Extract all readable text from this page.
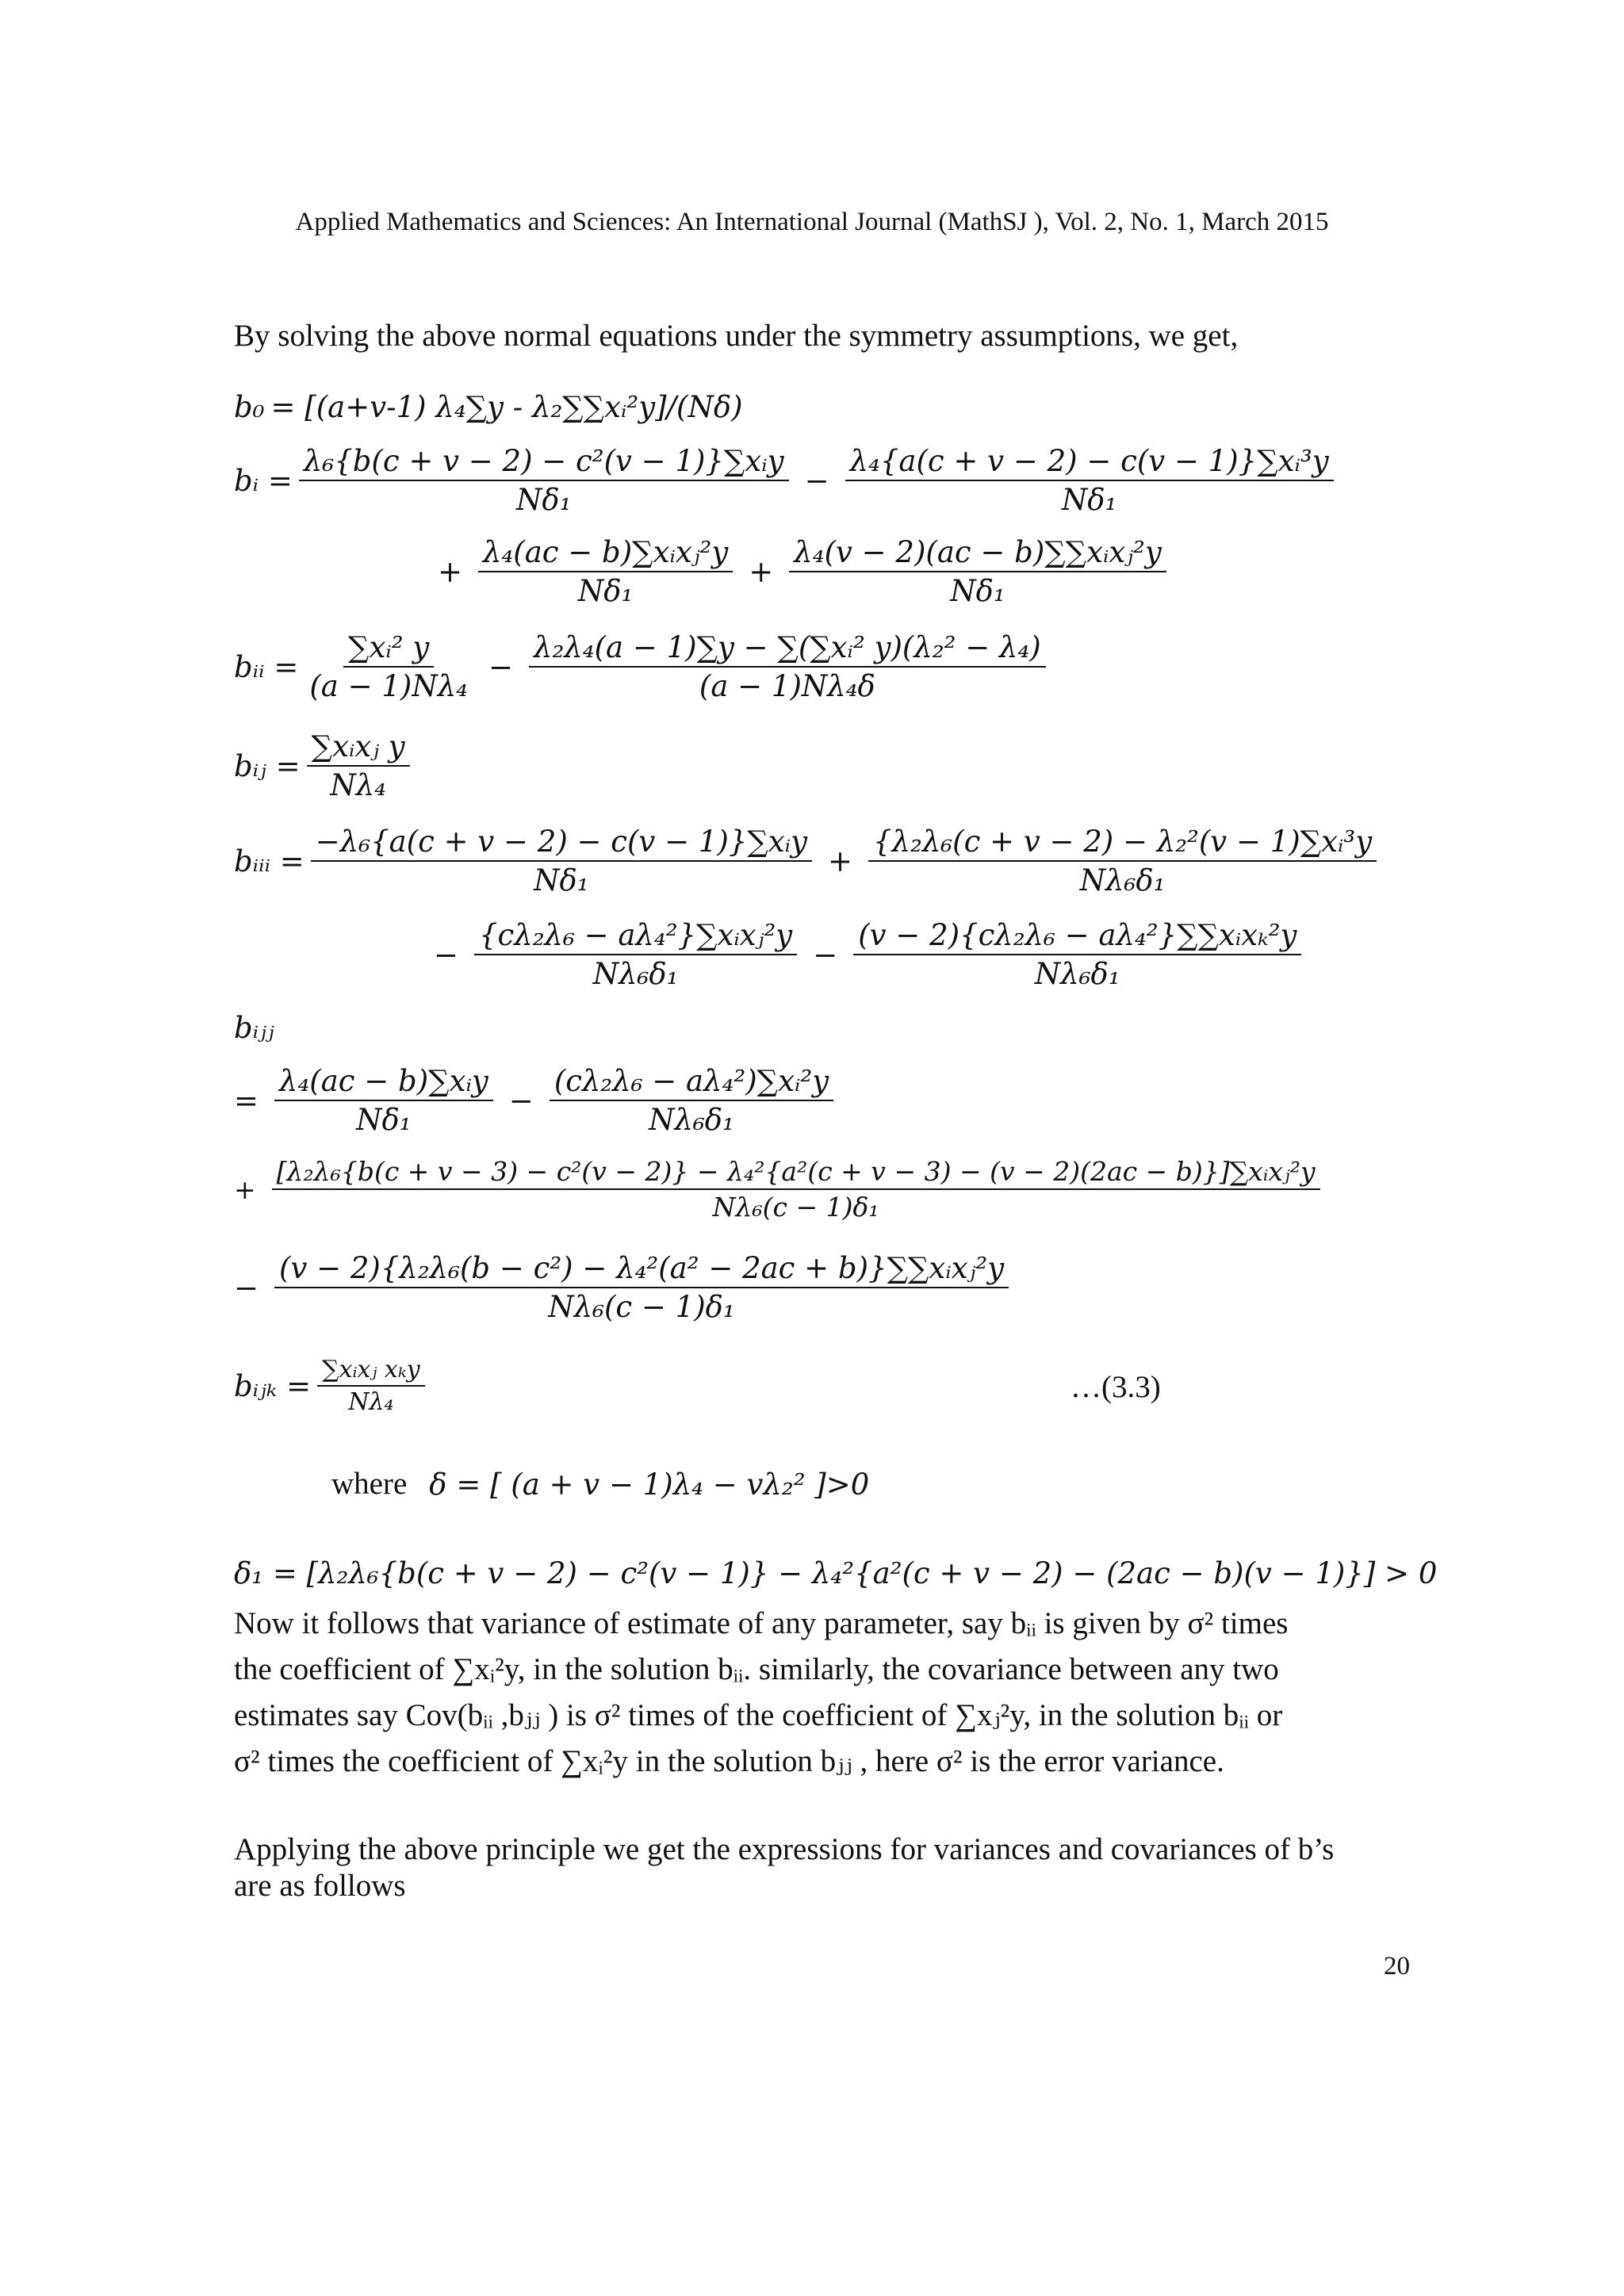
Applied Mathematics and Sciences: An International Journal (MathSJ ), Vol. 2, No. 1, March 2015
By solving the above normal equations under the symmetry assumptions, we get,
b₀ = [(a+v-1) λ₄∑y - λ₂∑∑xᵢ²y]/(Nδ)
bᵢ = $\frac{\text{λ₆\{b(c + v − 2) − c²(v − 1)\}∑xᵢy}}{\text{Nδ₁}} - \frac{\text{λ₄\{a(c + v − 2) − c(v − 1)\}∑xᵢ³y}}{\text{Nδ₁}}$
+ $\frac{\text{λ₄(ac − b)∑xᵢxⱼ²y}}{\text{Nδ₁}} + \frac{\text{λ₄(v − 2)(ac − b)∑∑xᵢxⱼ²y}}{\text{Nδ₁}}$
bᵢᵢ = $\frac{\text{∑xᵢ² y}}{\text{(a − 1)Nλ₄}} - \frac{\text{λ₂λ₄(a − 1)∑y − ∑(∑xᵢ² y)(λ₂² − λ₄)}}{\text{(a − 1)Nλ₄δ}}$
bᵢⱼ = $\frac{\text{∑xᵢxⱼ y}}{\text{Nλ₄}}$
bᵢᵢᵢ = $\frac{\text{−λ₆\{a(c + v − 2) − c(v − 1)\}∑xᵢy}}{\text{Nδ₁}} + \frac{\text{\{λ₂λ₆(c + v − 2) − λ₂²(v − 1)∑xᵢ³y}}{\text{Nλ₆δ₁}}$
− $\frac{\text{\{cλ₂λ₆ − aλ₄²\}∑xᵢxⱼ²y}}{\text{Nλ₆δ₁}} - \frac{\text{(v − 2)\{cλ₂λ₆ − aλ₄²\}∑∑xᵢxₖ²y}}{\text{Nλ₆δ₁}}$
bᵢⱼⱼ
= $\frac{\text{λ₄(ac − b)∑xᵢy}}{\text{Nδ₁}} - \frac{\text{(cλ₂λ₆ − aλ₄²)∑xᵢ²y}}{\text{Nλ₆δ₁}}$
+
[λ₂λ₆{b(c + v − 3) − c²(v − 2)} − λ₄²{a²(c + v − 3) − (v − 2)(2ac − b)}]∑xᵢxⱼ²y
Nλ₆(c − 1)δ₁
− $\frac{\text{(v − 2)\{λ₂λ₆(b − c²) − λ₄²(a² − 2ac + b)\}∑∑xᵢxⱼ²y}}{\text{Nλ₆(c − 1)δ₁}}$
bᵢⱼₖ = $\frac{\text{∑xᵢxⱼ xₖy}}{\text{Nλ₄}}$	…(3.3)
where δ = [ (a + v − 1)λ₄ − vλ₂² ]>0
δ₁ = [λ₂λ₆{b(c + v − 2) − c²(v − 1)} − λ₄²{a²(c + v − 2) − (2ac − b)(v − 1)}] > 0
Now it follows that variance of estimate of any parameter, say bᵢᵢ is given by σ² times
the coefficient of ∑xᵢ²y, in the solution bᵢᵢ. similarly, the covariance between any two
estimates say Cov(bᵢᵢ ,bⱼⱼ ) is σ² times of the coefficient of ∑xⱼ²y, in the solution bᵢᵢ or
σ² times the coefficient of ∑xᵢ²y in the solution bⱼⱼ , here σ² is the error variance.
Applying the above principle we get the expressions for variances and covariances of b’s
are as follows
20
